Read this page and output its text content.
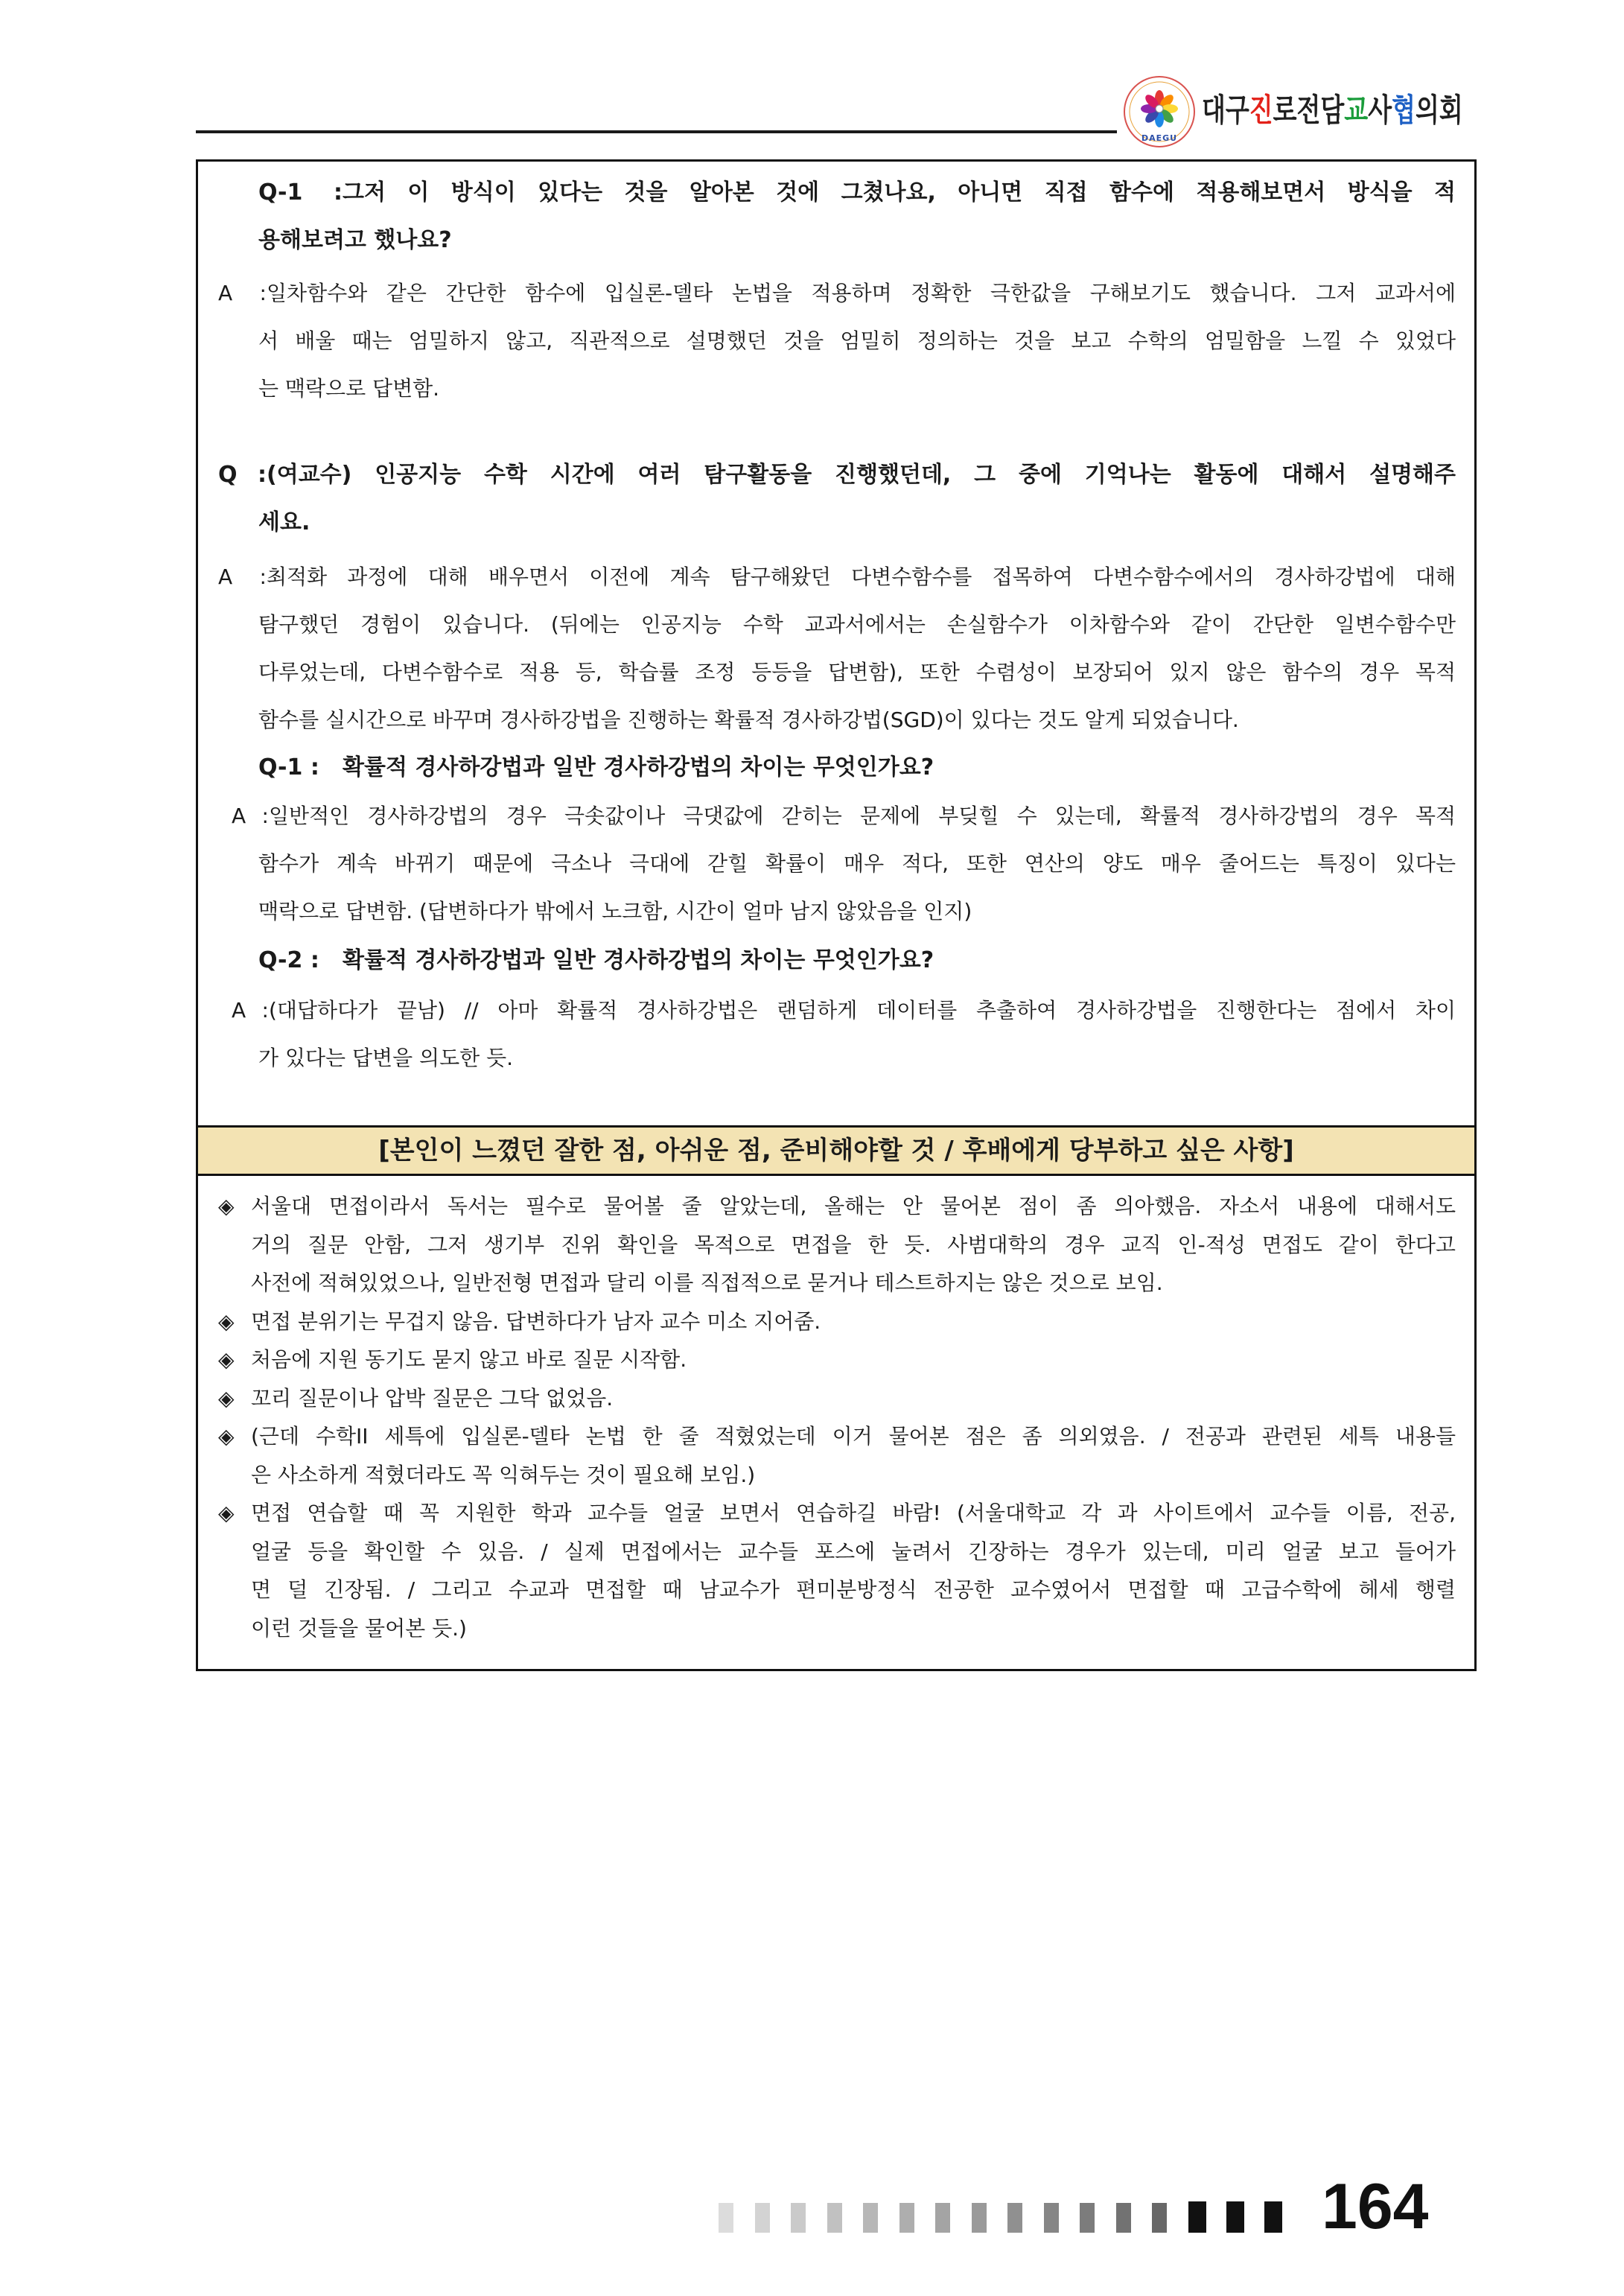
DAEGU
대구진로전담교사협의회
Q-1 :그저 이 방식이 있다는 것을 알아본 것에 그쳤나요, 아니면 직접 함수에 적용해보면서 방식을 적
용해보려고 했나요?
A :일차함수와 같은 간단한 함수에 입실론-델타 논법을 적용하며 정확한 극한값을 구해보기도 했습니다. 그저 교과서에
서 배울 때는 엄밀하지 않고, 직관적으로 설명했던 것을 엄밀히 정의하는 것을 보고 수학의 엄밀함을 느낄 수 있었다
는 맥락으로 답변함.
Q :(여교수) 인공지능 수학 시간에 여러 탐구활동을 진행했던데, 그 중에 기억나는 활동에 대해서 설명해주
세요.
A :최적화 과정에 대해 배우면서 이전에 계속 탐구해왔던 다변수함수를 접목하여 다변수함수에서의 경사하강법에 대해
탐구했던 경험이 있습니다. (뒤에는 인공지능 수학 교과서에서는 손실함수가 이차함수와 같이 간단한 일변수함수만
다루었는데, 다변수함수로 적용 등, 학습률 조정 등등을 답변함), 또한 수렴성이 보장되어 있지 않은 함수의 경우 목적
함수를 실시간으로 바꾸며 경사하강법을 진행하는 확률적 경사하강법(SGD)이 있다는 것도 알게 되었습니다.
Q-1 : 확률적 경사하강법과 일반 경사하강법의 차이는 무엇인가요?
A :일반적인 경사하강법의 경우 극솟값이나 극댓값에 갇히는 문제에 부딪힐 수 있는데, 확률적 경사하강법의 경우 목적
함수가 계속 바뀌기 때문에 극소나 극대에 갇힐 확률이 매우 적다, 또한 연산의 양도 매우 줄어드는 특징이 있다는
맥락으로 답변함. (답변하다가 밖에서 노크함, 시간이 얼마 남지 않았음을 인지)
Q-2 : 확률적 경사하강법과 일반 경사하강법의 차이는 무엇인가요?
A :(대답하다가 끝남) // 아마 확률적 경사하강법은 랜덤하게 데이터를 추출하여 경사하강법을 진행한다는 점에서 차이
가 있다는 답변을 의도한 듯.
[본인이 느꼈던 잘한 점, 아쉬운 점, 준비해야할 것 / 후배에게 당부하고 싶은 사항]
◈ 서울대 면접이라서 독서는 필수로 물어볼 줄 알았는데, 올해는 안 물어본 점이 좀 의아했음. 자소서 내용에 대해서도
거의 질문 안함, 그저 생기부 진위 확인을 목적으로 면접을 한 듯. 사범대학의 경우 교직 인-적성 면접도 같이 한다고
사전에 적혀있었으나, 일반전형 면접과 달리 이를 직접적으로 묻거나 테스트하지는 않은 것으로 보임.
◈ 면접 분위기는 무겁지 않음. 답변하다가 남자 교수 미소 지어줌.
◈ 처음에 지원 동기도 묻지 않고 바로 질문 시작함.
◈ 꼬리 질문이나 압박 질문은 그닥 없었음.
◈ (근데 수학II 세특에 입실론-델타 논법 한 줄 적혔었는데 이거 물어본 점은 좀 의외였음. / 전공과 관련된 세특 내용들
은 사소하게 적혔더라도 꼭 익혀두는 것이 필요해 보임.)
◈ 면접 연습할 때 꼭 지원한 학과 교수들 얼굴 보면서 연습하길 바람! (서울대학교 각 과 사이트에서 교수들 이름, 전공,
얼굴 등을 확인할 수 있음. / 실제 면접에서는 교수들 포스에 눌려서 긴장하는 경우가 있는데, 미리 얼굴 보고 들어가
면 덜 긴장됨. / 그리고 수교과 면접할 때 남교수가 편미분방정식 전공한 교수였어서 면접할 때 고급수학에 헤세 행렬
이런 것들을 물어본 듯.)
164
